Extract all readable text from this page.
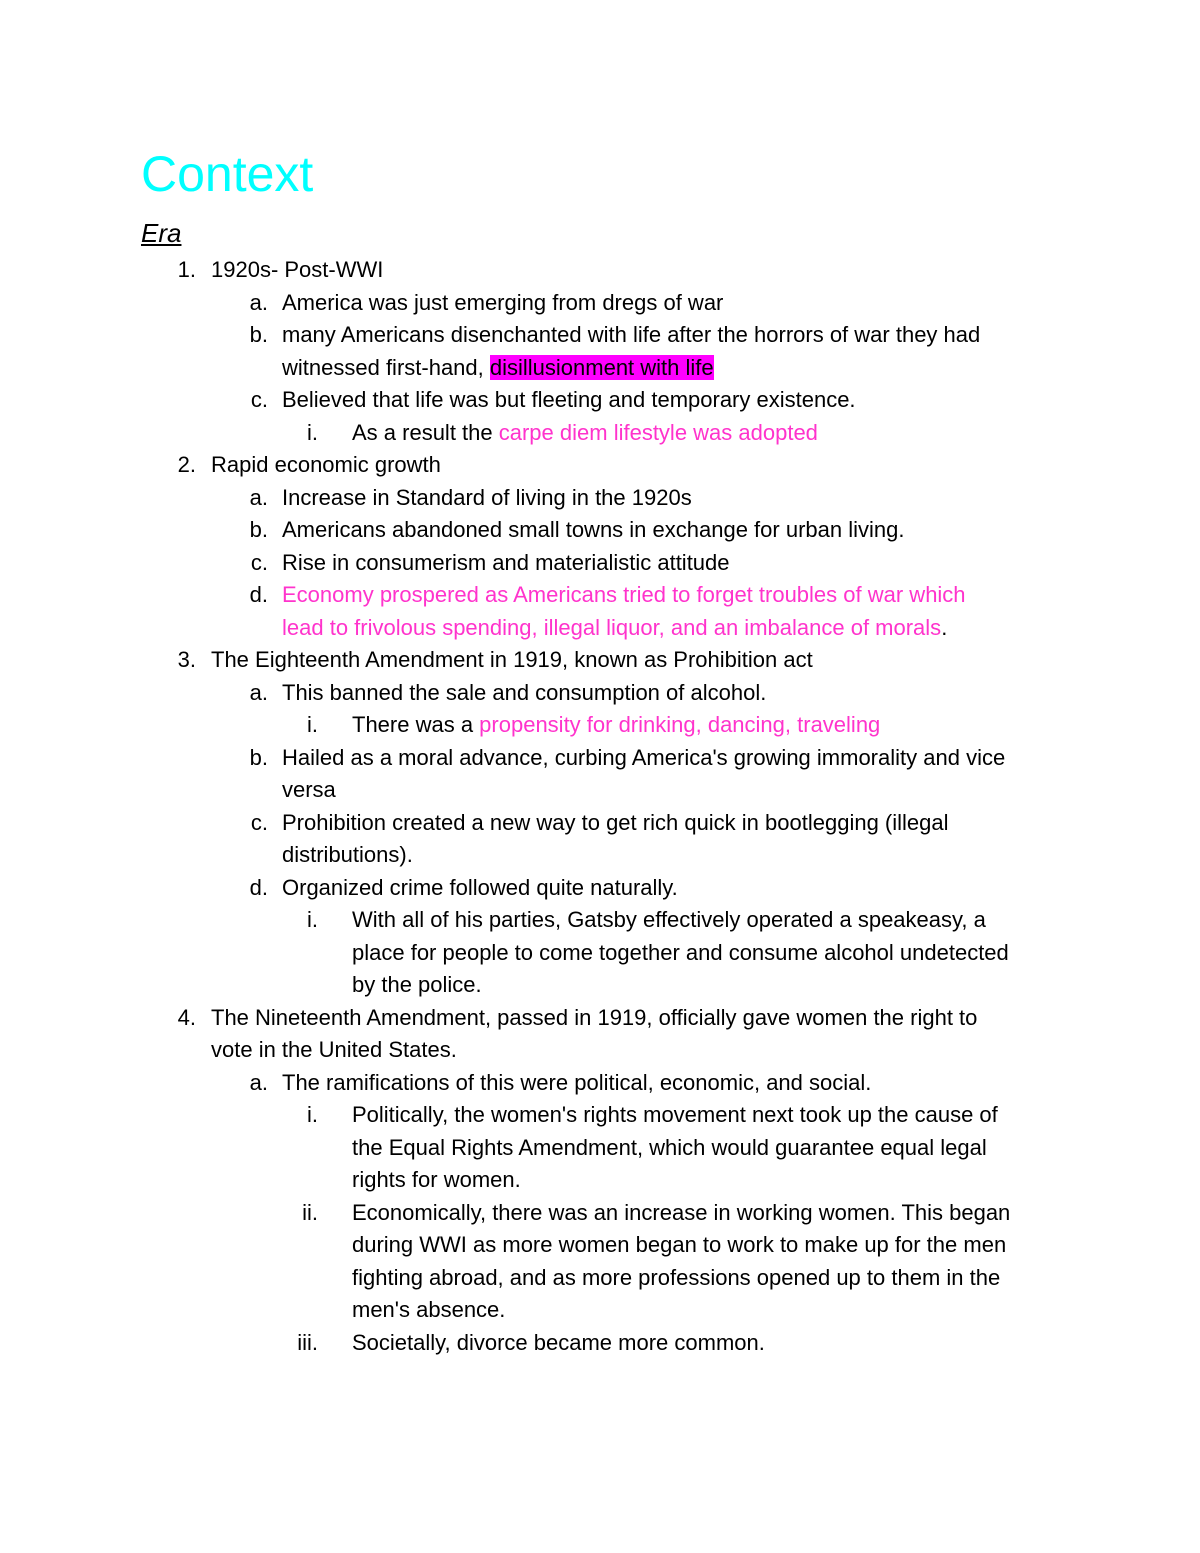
Context
Era
1. 1920s- Post-WWI
a. America was just emerging from dregs of war
b. many Americans disenchanted with life after the horrors of war they had
witnessed first-hand, disillusionment with life
c. Believed that life was but fleeting and temporary existence.
i. As a result the carpe diem lifestyle was adopted
2. Rapid economic growth
a. Increase in Standard of living in the 1920s
b. Americans abandoned small towns in exchange for urban living.
c. Rise in consumerism and materialistic attitude
d. Economy prospered as Americans tried to forget troubles of war which
lead to frivolous spending, illegal liquor, and an imbalance of morals.
3. The Eighteenth Amendment in 1919, known as Prohibition act
a. This banned the sale and consumption of alcohol.
i. There was a propensity for drinking, dancing, traveling
b. Hailed as a moral advance, curbing America's growing immorality and vice
versa
c. Prohibition created a new way to get rich quick in bootlegging (illegal
distributions).
d. Organized crime followed quite naturally.
i. With all of his parties, Gatsby effectively operated a speakeasy, a
place for people to come together and consume alcohol undetected
by the police.
4. The Nineteenth Amendment, passed in 1919, officially gave women the right to
vote in the United States.
a. The ramifications of this were political, economic, and social.
i. Politically, the women's rights movement next took up the cause of
the Equal Rights Amendment, which would guarantee equal legal
rights for women.
ii. Economically, there was an increase in working women. This began
during WWI as more women began to work to make up for the men
fighting abroad, and as more professions opened up to them in the
men's absence.
iii. Societally, divorce became more common.
